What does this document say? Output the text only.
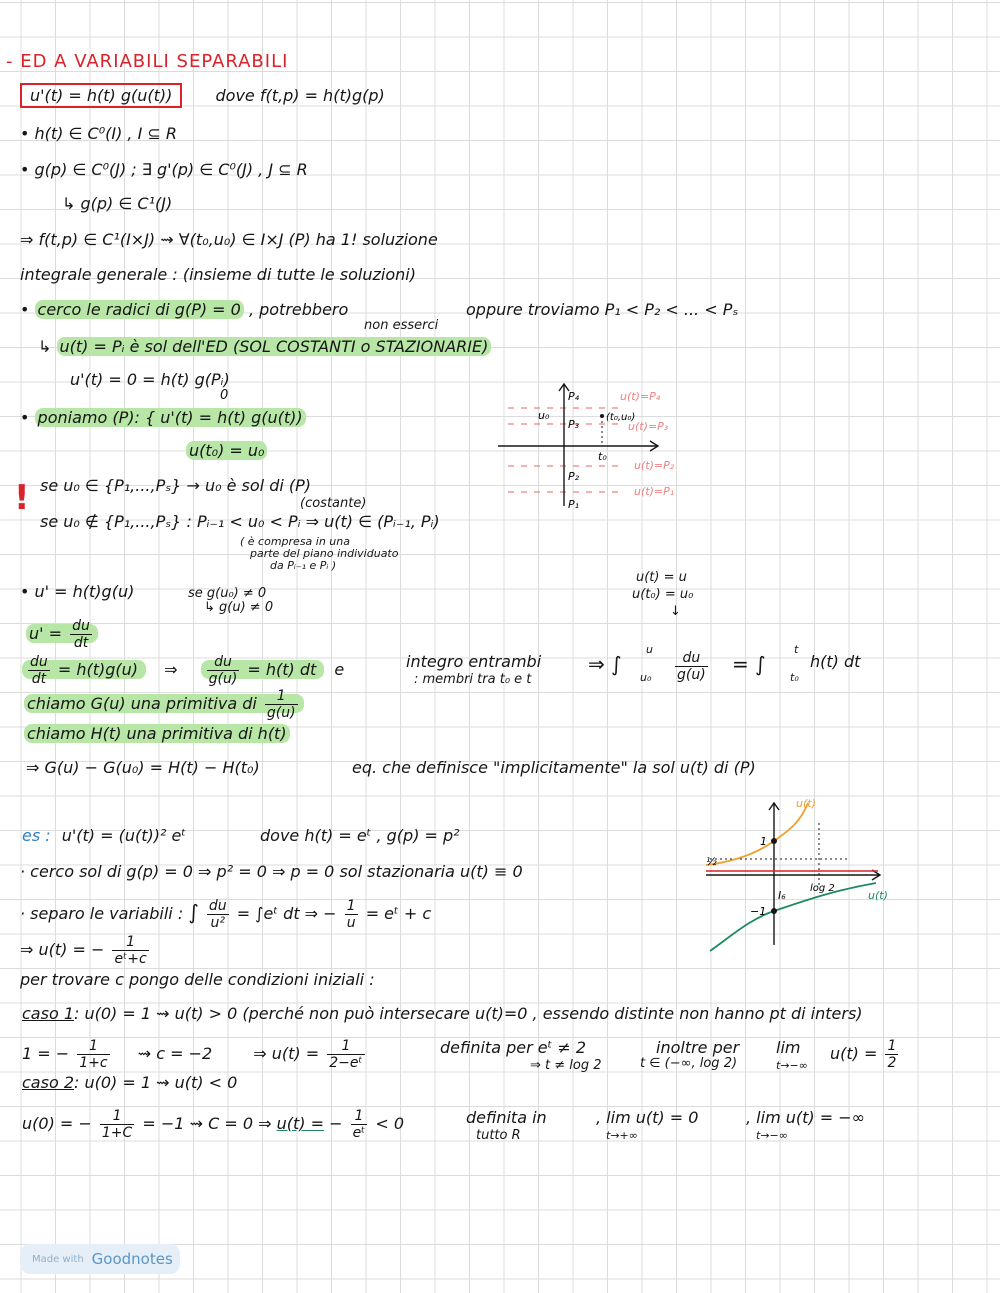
- ED A VARIABILI SEPARABILI
u'(t) = h(t) g(u(t))	dove f(t,p) = h(t)g(p)
• h(t) ∈ C⁰(I) , I ⊆ R
• g(p) ∈ C⁰(J) ; ∃ g'(p) ∈ C⁰(J) , J ⊆ R
↳ g(p) ∈ C¹(J)
⇒ f(t,p) ∈ C¹(I×J) ⇝ ∀(t₀,u₀) ∈ I×J (P) ha 1! soluzione
integrale generale : (insieme di tutte le soluzioni)
• cerco le radici di g(P) = 0 , potrebbero
non esserci
oppure troviamo P₁ < P₂ < ... < Pₛ
↳ u(t) = Pᵢ è sol dell'ED (SOL COSTANTI o STAZIONARIE)
u'(t) = 0 = h(t) g(Pᵢ)
0
• poniamo (P): { u'(t) = h(t) g(u(t))
u(t₀) = u₀
! se u₀ ∈ {P₁,...,Pₛ} → u₀ è sol di (P)
(costante)
se u₀ ∉ {P₁,...,Pₛ} : Pᵢ₋₁ < u₀ < Pᵢ ⇒ u(t) ∈ (Pᵢ₋₁, Pᵢ)
( è compresa in una
parte del piano individuato
da Pᵢ₋₁ e Pᵢ )
P₄
u₀
P₃
P₂
P₁
t₀
(t₀,u₀)
u(t)=P₄
u(t)=P₃
u(t)=P₂
u(t)=P₁
• u' = h(t)g(u)	se g(u₀) ≠ 0
↳ g(u) ≠ 0
u(t) = u
u(t₀) = u₀
↓
$u' = \frac{du}{dt}$
$\frac{du}{dt} = h(t)g(u)$ ⇒ $\frac{du}{g(u)} = h(t)$ dt e	integro entrambi
: membri tra t₀ e t
⇒ ∫
u
$u_0 \frac{du}{g(u)}$ = ∫
t
t₀
h(t) dt
chiamo G(u) una primitiva di $\frac{1}{g(u)}$
chiamo H(t) una primitiva di h(t)
⇒ G(u) − G(u₀) = H(t) − H(t₀)	eq. che definisce "implicitamente" la sol u(t) di (P)
es : u'(t) = (u(t))² eᵗ	dove h(t) = eᵗ , g(p) = p²
· cerco sol di g(p) = 0 ⇒ p² = 0 ⇒ p = 0 sol stazionaria u(t) ≡ 0
· separo le variabili : ∫ $\frac{du}{\text{u²}}$ = ∫eᵗ dt ⇒ − $\frac{1}{u}$ = eᵗ + c
⇒ u(t) = − $\frac{1}{\text{eᵗ+c}}$
per trovare c pongo delle condizioni iniziali :
caso 1: u(0) = 1 ⇝ u(t) > 0 (perché non può intersecare u(t)=0 , essendo distinte non hanno pt di inters)
1 = − $\frac{1}{1+c}$ ⇝ c = −2	⇒ $u(t) = \frac{1}{\text{2−eᵗ}}$	definita per eᵗ ≠ 2
⇒ t ≠ log 2
inoltre per
t ∈ (−∞, log 2)
lim
t→−∞
$u(t) = \frac{1}{2}$
caso 2: u(0) = 1 ⇝ u(t) < 0
u(0) = − $\frac{1}{1+C} = -1$ ⇝ C = 0 ⇒ u(t) = − $\frac{1}{\text{eᵗ}} < 0$	definita in
tutto R
, lim u(t) = 0
t→+∞
, lim u(t) = −∞
t→−∞
u(t)
u(t)
1
½
−1
I₆
log 2
Made with Goodnotes
